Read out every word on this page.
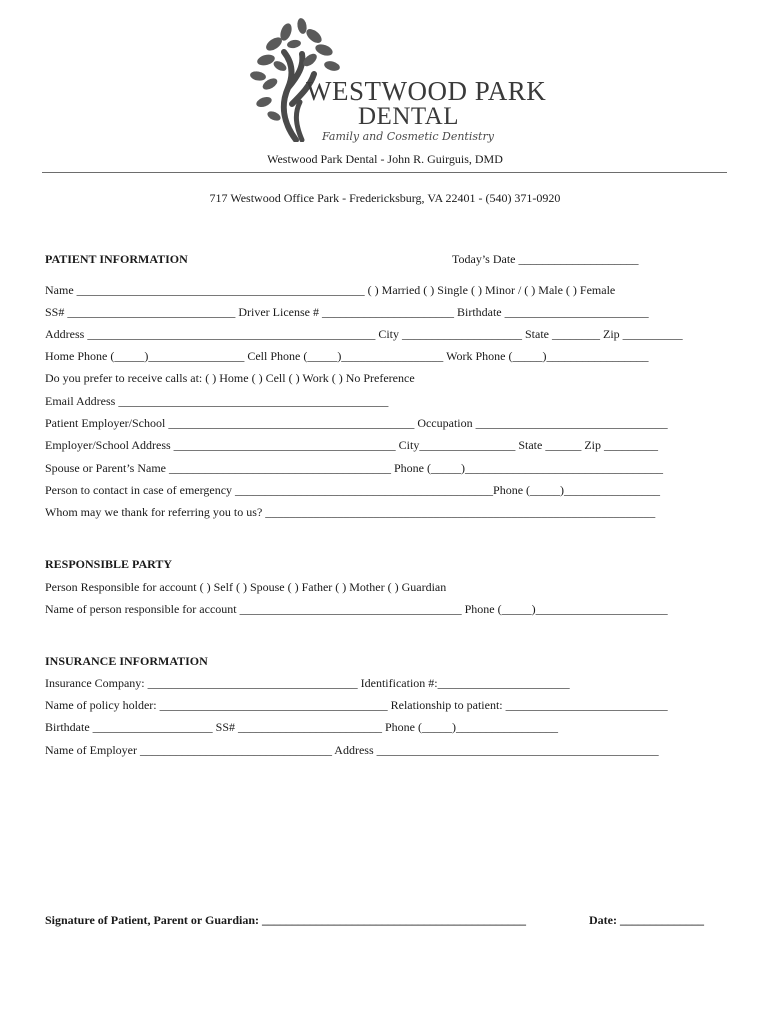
WESTWOOD PARK
DENTAL
Family and Cosmetic Dentistry
Westwood Park Dental - John R. Guirguis, DMD
717 Westwood Office Park - Fredericksburg, VA 22401 - (540) 371-0920
PATIENT INFORMATION	Today’s Date ____________________
Name ________________________________________________ ( ) Married ( ) Single ( ) Minor / ( ) Male ( ) Female
SS# ____________________________ Driver License # ______________________ Birthdate ________________________
Address ________________________________________________ City ____________________ State ________ Zip __________
Home Phone (_____)________________ Cell Phone (_____)_________________ Work Phone (_____)_________________
Do you prefer to receive calls at: ( ) Home ( ) Cell ( ) Work ( ) No Preference
Email Address _____________________________________________
Patient Employer/School _________________________________________ Occupation ________________________________
Employer/School Address _____________________________________ City________________ State ______ Zip _________
Spouse or Parent’s Name _____________________________________ Phone (_____)_________________________________
Person to contact in case of emergency ___________________________________________Phone (_____)________________
Whom may we thank for referring you to us? _________________________________________________________________
RESPONSIBLE PARTY
Person Responsible for account ( ) Self ( ) Spouse ( ) Father ( ) Mother ( ) Guardian
Name of person responsible for account _____________________________________ Phone (_____)______________________
INSURANCE INFORMATION
Insurance Company: ___________________________________ Identification #:______________________
Name of policy holder: ______________________________________ Relationship to patient: ___________________________
Birthdate ____________________ SS# ________________________ Phone (_____)_________________
Name of Employer ________________________________ Address _______________________________________________
Signature of Patient, Parent or Guardian: ____________________________________________	Date: ______________
